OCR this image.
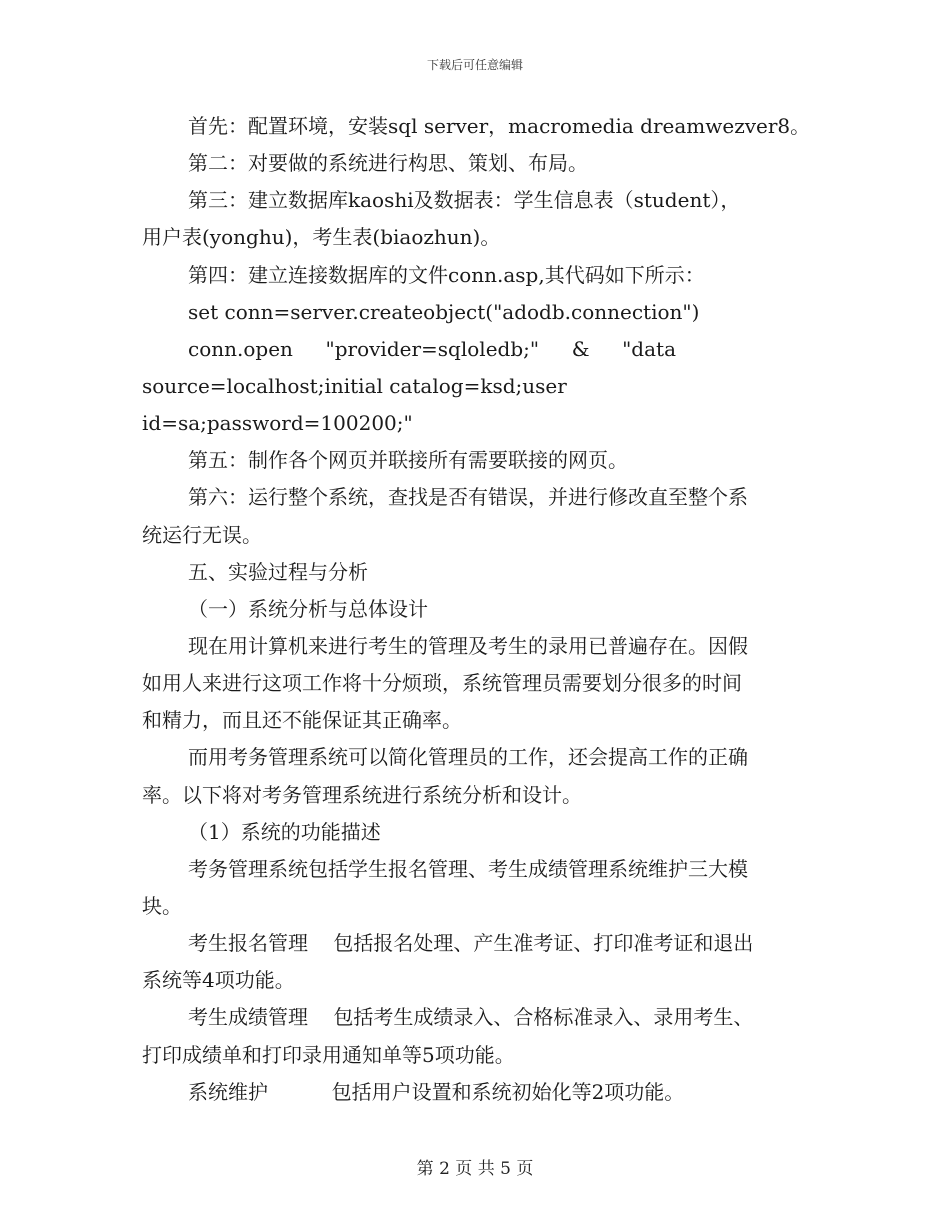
下载后可任意编辑
首先：配置环境，安装sql server，macromedia dreamwezver8。
第二：对要做的系统进行构思、策划、布局。
第三：建立数据库kaoshi及数据表：学生信息表（student），
用户表(yonghu)，考生表(biaozhun)。
第四：建立连接数据库的文件conn.asp,其代码如下所示：
set conn=server.createobject("adodb.connection")
conn.open "provider=sqloledb;" & "data
source=localhost;initial catalog=ksd;user
id=sa;password=100200;"
第五：制作各个网页并联接所有需要联接的网页。
第六：运行整个系统，查找是否有错误，并进行修改直至整个系
统运行无误。
五、实验过程与分析
（一）系统分析与总体设计
现在用计算机来进行考生的管理及考生的录用已普遍存在。因假
如用人来进行这项工作将十分烦琐，系统管理员需要划分很多的时间
和精力，而且还不能保证其正确率。
而用考务管理系统可以简化管理员的工作，还会提高工作的正确
率。以下将对考务管理系统进行系统分析和设计。
（1）系统的功能描述
考务管理系统包括学生报名管理、考生成绩管理系统维护三大模
块。
考生报名管理    包括报名处理、产生准考证、打印准考证和退出
系统等4项功能。
考生成绩管理    包括考生成绩录入、合格标准录入、录用考生、
打印成绩单和打印录用通知单等5项功能。
系统维护          包括用户设置和系统初始化等2项功能。
第 2 页 共 5 页
